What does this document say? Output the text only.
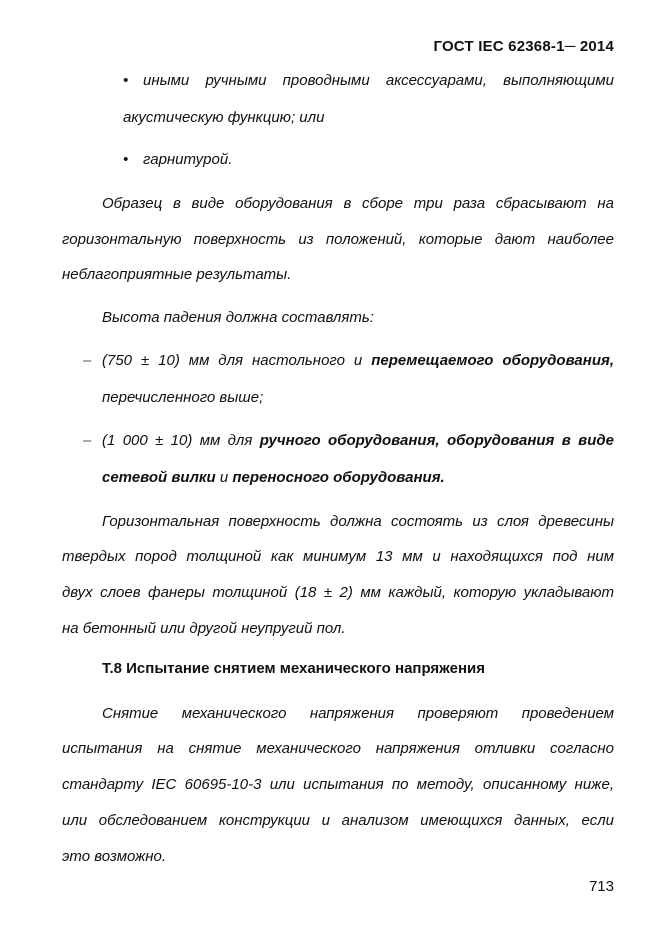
ГОСТ IEC 62368-1─ 2014
• иными ручными проводными аксессуарами, выполняющими
акустическую функцию; или
• гарнитурой.
Образец в виде оборудования в сборе три раза сбрасывают на
горизонтальную поверхность из положений, которые дают наиболее
неблагоприятные результаты.
Высота падения должна составлять:
– (750 ± 10) мм для настольного и перемещаемого оборудования,
перечисленного выше;
– (1 000 ± 10) мм для ручного оборудования, оборудования в виде
сетевой вилки и переносного оборудования.
Горизонтальная поверхность должна состоять из слоя древесины
твердых пород толщиной как минимум 13 мм и находящихся под ним
двух слоев фанеры толщиной (18 ± 2) мм каждый, которую укладывают
на бетонный или другой неупругий пол.
Т.8 Испытание снятием механического напряжения
Снятие механического напряжения проверяют проведением
испытания на снятие механического напряжения отливки согласно
стандарту IEC 60695-10-3 или испытания по методу, описанному ниже,
или обследованием конструкции и анализом имеющихся данных, если
это возможно.
713
